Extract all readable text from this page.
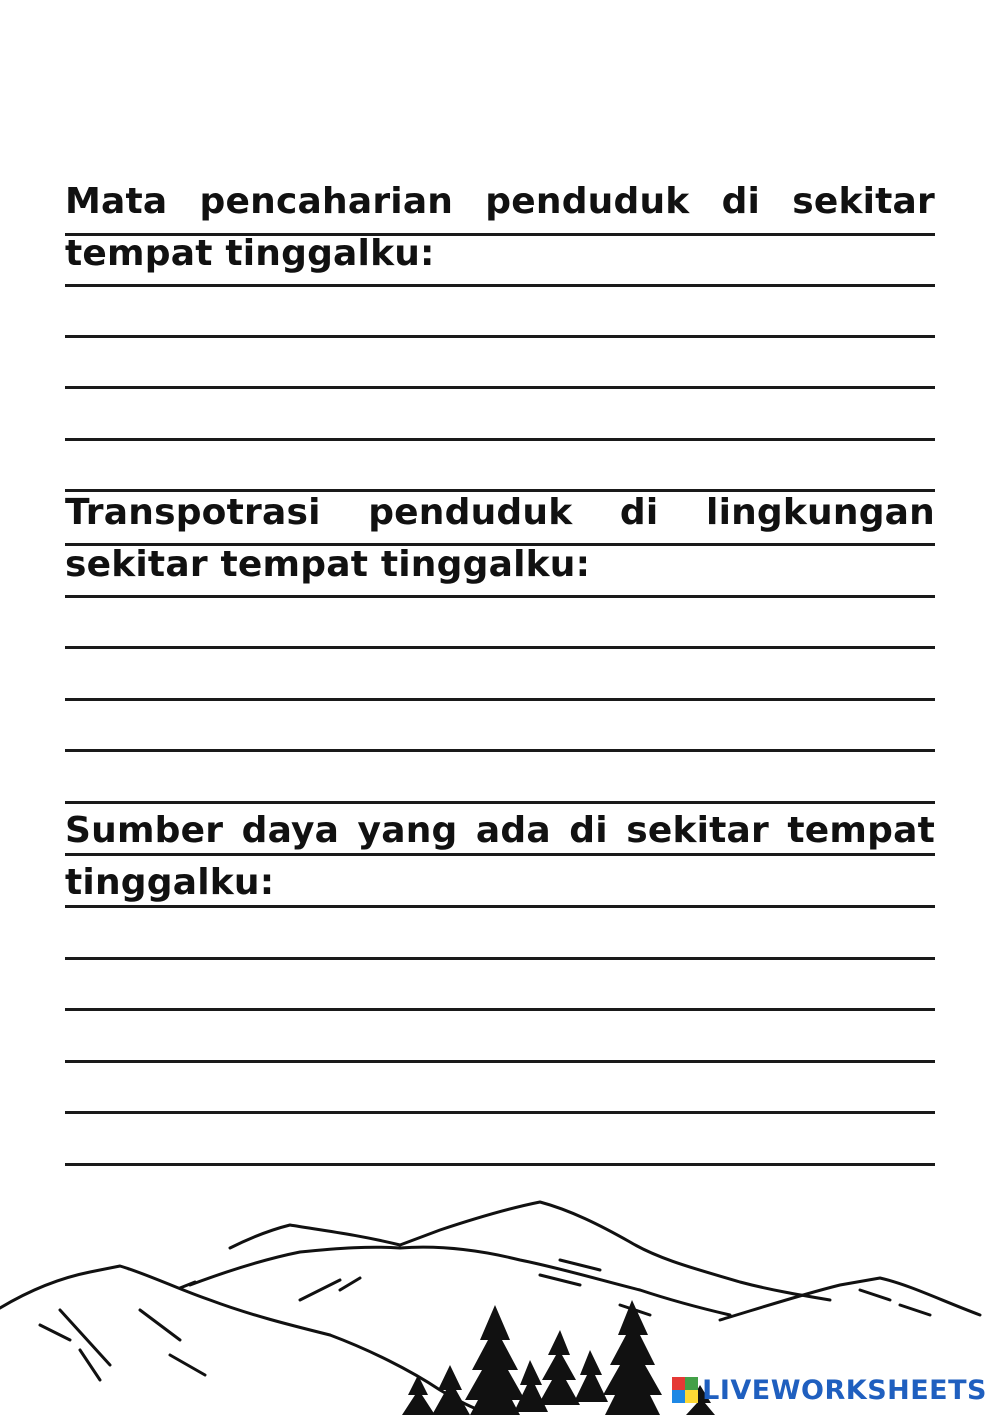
Mata pencaharian penduduk di sekitar tempat tinggalku:

Transpotrasi penduduk di lingkungan sekitar tempat tinggalku:

Sumber daya yang ada di sekitar tempat tinggalku:

LIVEWORKSHEETS
